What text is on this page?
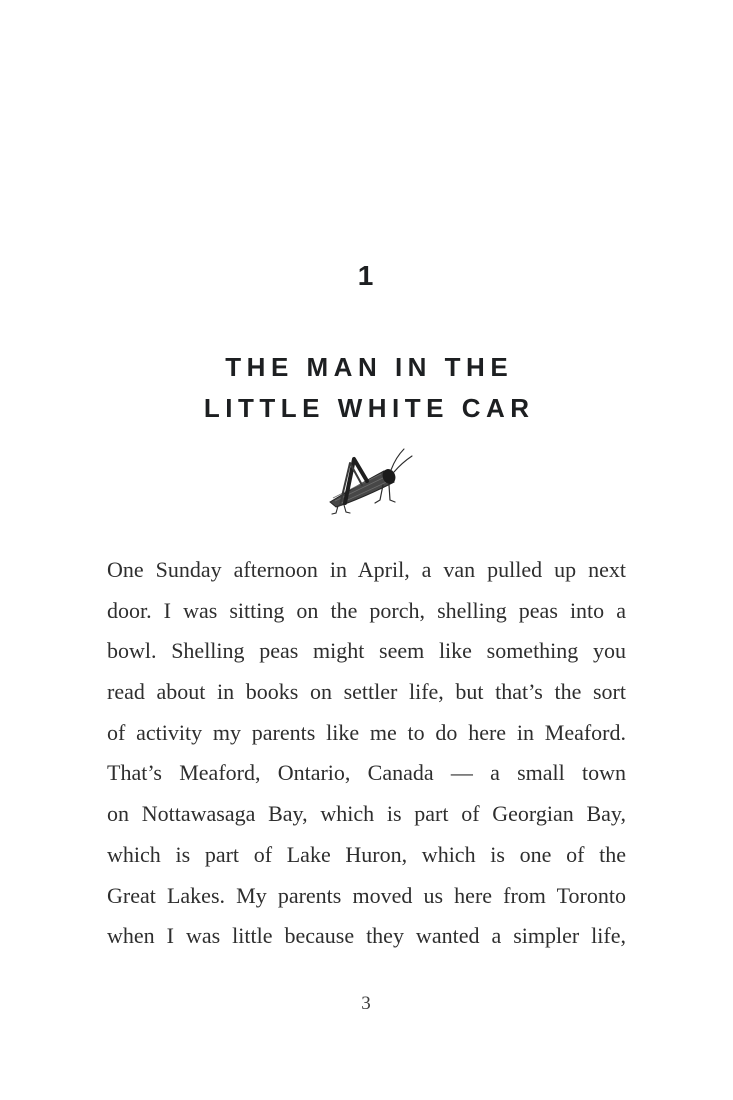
1
THE MAN IN THE
LITTLE WHITE CAR
One Sunday afternoon in April, a van pulled up next
door. I was sitting on the porch, shelling peas into a
bowl. Shelling peas might seem like something you
read about in books on settler life, but that’s the sort
of activity my parents like me to do here in Meaford.
That’s Meaford, Ontario, Canada — a small town
on Nottawasaga Bay, which is part of Georgian Bay,
which is part of Lake Huron, which is one of the
Great Lakes. My parents moved us here from Toronto
when I was little because they wanted a simpler life,
3
